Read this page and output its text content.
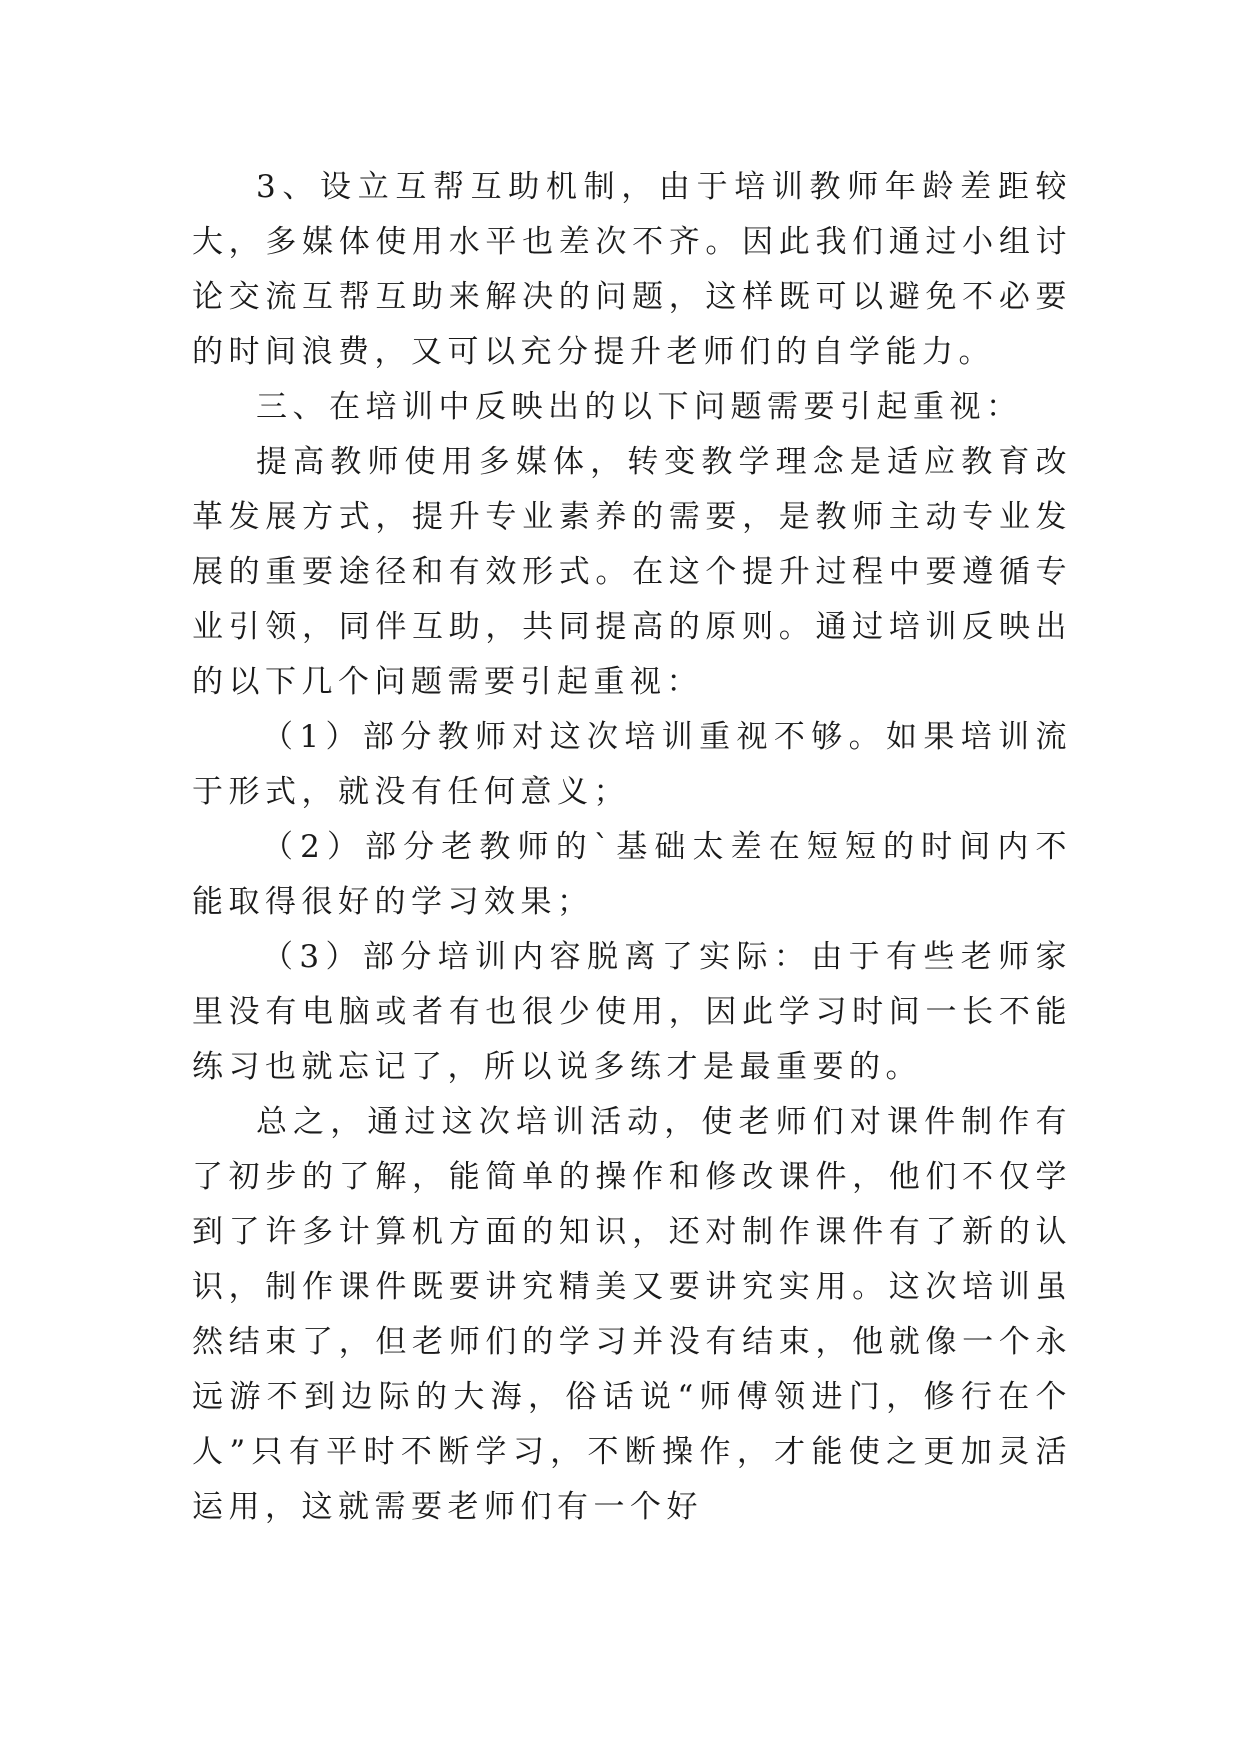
3、设立互帮互助机制，由于培训教师年龄差距较大，多媒体使用水平也差次不齐。因此我们通过小组讨论交流互帮互助来解决的问题，这样既可以避免不必要的时间浪费，又可以充分提升老师们的自学能力。

三、在培训中反映出的以下问题需要引起重视：

提高教师使用多媒体，转变教学理念是适应教育改革发展方式，提升专业素养的需要，是教师主动专业发展的重要途径和有效形式。在这个提升过程中要遵循专业引领，同伴互助，共同提高的原则。通过培训反映出的以下几个问题需要引起重视：

（1）部分教师对这次培训重视不够。如果培训流于形式，就没有任何意义；

（2）部分老教师的`基础太差在短短的时间内不能取得很好的学习效果；

（3）部分培训内容脱离了实际：由于有些老师家里没有电脑或者有也很少使用，因此学习时间一长不能练习也就忘记了，所以说多练才是最重要的。

总之，通过这次培训活动，使老师们对课件制作有了初步的了解，能简单的操作和修改课件，他们不仅学到了许多计算机方面的知识，还对制作课件有了新的认识，制作课件既要讲究精美又要讲究实用。这次培训虽然结束了，但老师们的学习并没有结束，他就像一个永远游不到边际的大海，俗话说“师傅领进门，修行在个人”只有平时不断学习，不断操作，才能使之更加灵活运用，这就需要老师们有一个好
